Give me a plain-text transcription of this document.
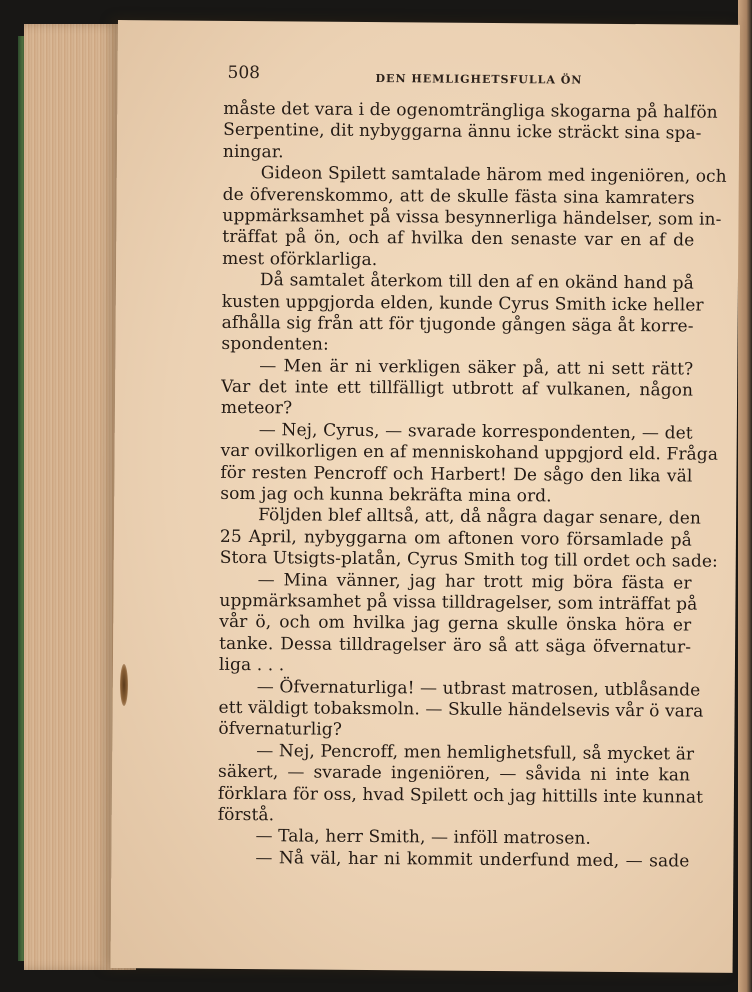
508	DEN HEMLIGHETSFULLA ÖN
måste det vara i de ogenomträngliga skogarna på halfön
Serpentine, dit nybyggarna ännu icke sträckt sina spa-
ningar.
Gideon Spilett samtalade härom med ingeniören, och
de öfverenskommo, att de skulle fästa sina kamraters
uppmärksamhet på vissa besynnerliga händelser, som in-
träffat på ön, och af hvilka den senaste var en af de
mest oförklarliga.
Då samtalet återkom till den af en okänd hand på
kusten uppgjorda elden, kunde Cyrus Smith icke heller
afhålla sig från att för tjugonde gången säga åt korre-
spondenten:
— Men är ni verkligen säker på, att ni sett rätt?
Var det inte ett tillfälligt utbrott af vulkanen, någon
meteor?
— Nej, Cyrus, — svarade korrespondenten, — det
var ovilkorligen en af menniskohand uppgjord eld. Fråga
för resten Pencroff och Harbert! De sågo den lika väl
som jag och kunna bekräfta mina ord.
Följden blef alltså, att, då några dagar senare, den
25 April, nybyggarna om aftonen voro församlade på
Stora Utsigts-platån, Cyrus Smith tog till ordet och sade:
— Mina vänner, jag har trott mig böra fästa er
uppmärksamhet på vissa tilldragelser, som inträffat på
vår ö, och om hvilka jag gerna skulle önska höra er
tanke. Dessa tilldragelser äro så att säga öfvernatur-
liga . . .
— Öfvernaturliga! — utbrast matrosen, utblåsande
ett väldigt tobaksmoln. — Skulle händelsevis vår ö vara
öfvernaturlig?
— Nej, Pencroff, men hemlighetsfull, så mycket är
säkert, — svarade ingeniören, — såvida ni inte kan
förklara för oss, hvad Spilett och jag hittills inte kunnat
förstå.
— Tala, herr Smith, — inföll matrosen.
— Nå väl, har ni kommit underfund med, — sade
